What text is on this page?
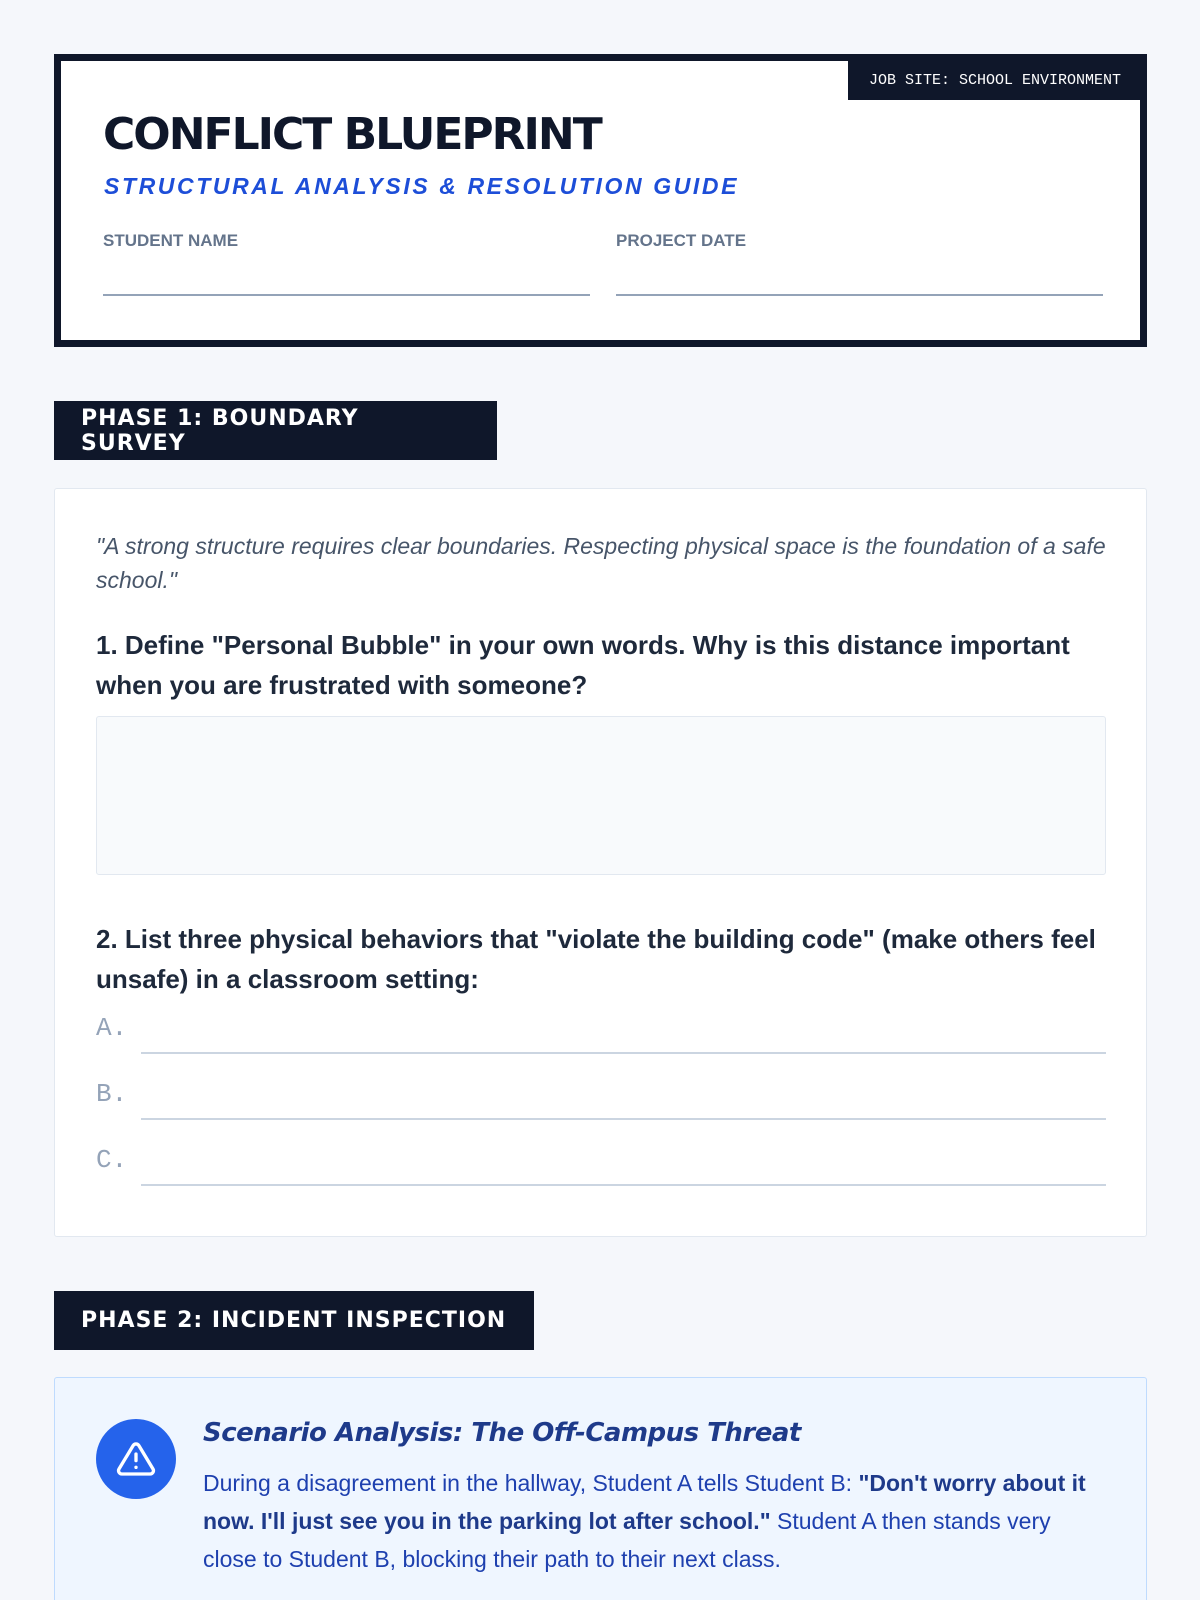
JOB SITE: SCHOOL ENVIRONMENT
CONFLICT BLUEPRINT
STRUCTURAL ANALYSIS & RESOLUTION GUIDE
STUDENT NAME	PROJECT DATE
PHASE 1: BOUNDARY SURVEY
"A strong structure requires clear boundaries. Respecting physical space is the foundation of a safe school."
1. Define "Personal Bubble" in your own words. Why is this distance important when you are frustrated with someone?
2. List three physical behaviors that "violate the building code" (make others feel unsafe) in a classroom setting:
A.
B.
C.
PHASE 2: INCIDENT INSPECTION
Scenario Analysis: The Off-Campus Threat
During a disagreement in the hallway, Student A tells Student B: "Don't worry about it now. I'll just see you in the parking lot after school." Student A then stands very close to Student B, blocking their path to their next class.
